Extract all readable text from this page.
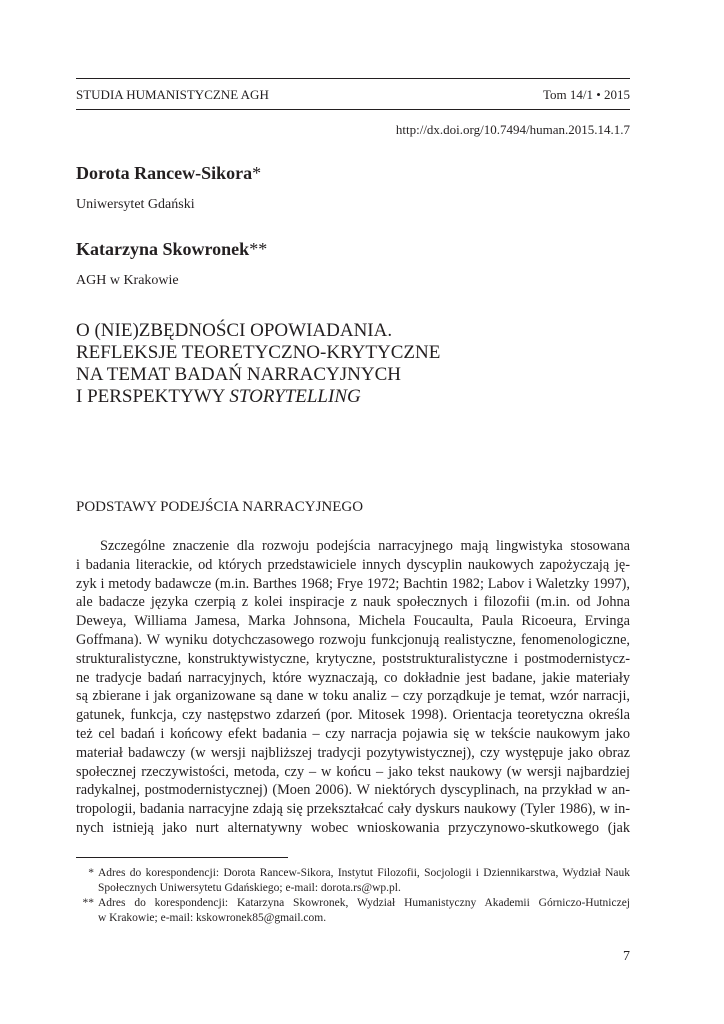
STUDIA HUMANISTYCZNE AGH	Tom 14/1 • 2015
http://dx.doi.org/10.7494/human.2015.14.1.7
Dorota Rancew-Sikora*
Uniwersytet Gdański
Katarzyna Skowronek**
AGH w Krakowie
O (NIE)ZBĘDNOŚCI OPOWIADANIA.
REFLEKSJE TEORETYCZNO-KRYTYCZNE
NA TEMAT BADAŃ NARRACYJNYCH
I PERSPEKTYWY STORYTELLING
PODSTAWY PODEJŚCIA NARRACYJNEGO
Szczególne znaczenie dla rozwoju podejścia narracyjnego mają lingwistyka stosowana
i badania literackie, od których przedstawiciele innych dyscyplin naukowych zapożyczają ję-
zyk i metody badawcze (m.in. Barthes 1968; Frye 1972; Bachtin 1982; Labov i Waletzky 1997),
ale badacze języka czerpią z kolei inspiracje z nauk społecznych i filozofii (m.in. od Johna
Deweya, Williama Jamesa, Marka Johnsona, Michela Foucaulta, Paula Ricoeura, Ervinga
Goffmana). W wyniku dotychczasowego rozwoju funkcjonują realistyczne, fenomenologiczne,
strukturalistyczne, konstruktywistyczne, krytyczne, poststrukturalistyczne i postmodernistycz-
ne tradycje badań narracyjnych, które wyznaczają, co dokładnie jest badane, jakie materiały
są zbierane i jak organizowane są dane w toku analiz – czy porządkuje je temat, wzór narracji,
gatunek, funkcja, czy następstwo zdarzeń (por. Mitosek 1998). Orientacja teoretyczna określa
też cel badań i końcowy efekt badania – czy narracja pojawia się w tekście naukowym jako
materiał badawczy (w wersji najbliższej tradycji pozytywistycznej), czy występuje jako obraz
społecznej rzeczywistości, metoda, czy – w końcu – jako tekst naukowy (w wersji najbardziej
radykalnej, postmodernistycznej) (Moen 2006). W niektórych dyscyplinach, na przykład w an-
tropologii, badania narracyjne zdają się przekształcać cały dyskurs naukowy (Tyler 1986), w in-
nych istnieją jako nurt alternatywny wobec wnioskowania przyczynowo-skutkowego (jak
* Adres do korespondencji: Dorota Rancew-Sikora, Instytut Filozofii, Socjologii i Dziennikarstwa, Wydział Nauk
Społecznych Uniwersytetu Gdańskiego; e-mail: dorota.rs@wp.pl.
** Adres do korespondencji: Katarzyna Skowronek, Wydział Humanistyczny Akademii Górniczo-Hutniczej
w Krakowie; e-mail: kskowronek85@gmail.com.
7
